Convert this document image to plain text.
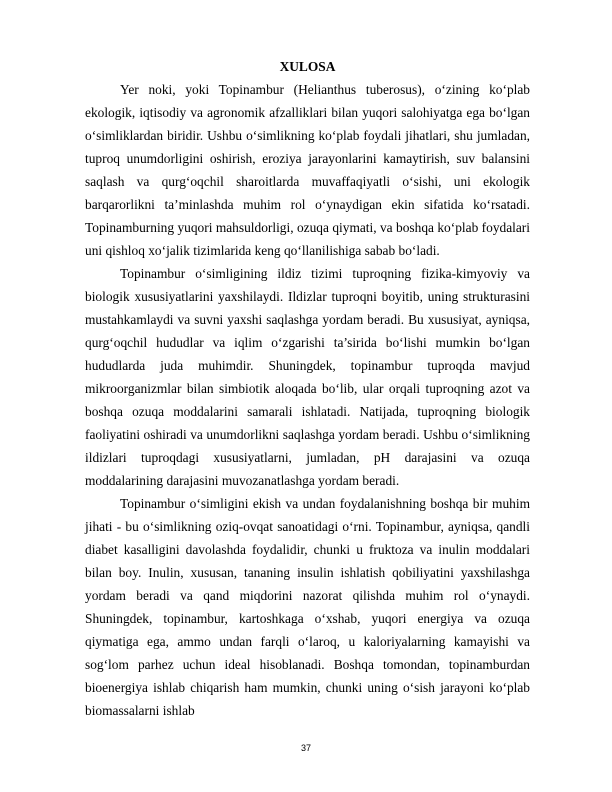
XULOSA

Yer noki, yoki Topinambur (Helianthus tuberosus), o‘zining ko‘plab ekologik, iqtisodiy va agronomik afzalliklari bilan yuqori salohiyatga ega bo‘lgan o‘simliklardan biridir. Ushbu o‘simlikning ko‘plab foydali jihatlari, shu jumladan, tuproq unumdorligini oshirish, eroziya jarayonlarini kamaytirish, suv balansini saqlash va qurg‘oqchil sharoitlarda muvaffaqiyatli o‘sishi, uni ekologik barqarorlikni ta’minlashda muhim rol o‘ynaydigan ekin sifatida ko‘rsatadi. Topinamburning yuqori mahsuldorligi, ozuqa qiymati, va boshqa ko‘plab foydalari uni qishloq xo‘jalik tizimlarida keng qo‘llanilishiga sabab bo‘ladi.

Topinambur o‘simligining ildiz tizimi tuproqning fizika-kimyoviy va biologik xususiyatlarini yaxshilaydi. Ildizlar tuproqni boyitib, uning strukturasini mustahkamlaydi va suvni yaxshi saqlashga yordam beradi. Bu xususiyat, ayniqsa, qurg‘oqchil hududlar va iqlim o‘zgarishi ta’sirida bo‘lishi mumkin bo‘lgan hududlarda juda muhimdir. Shuningdek, topinambur tuproqda mavjud mikroorganizmlar bilan simbiotik aloqada bo‘lib, ular orqali tuproqning azot va boshqa ozuqa moddalarini samarali ishlatadi. Natijada, tuproqning biologik faoliyatini oshiradi va unumdorlikni saqlashga yordam beradi. Ushbu o‘simlikning ildizlari tuproqdagi xususiyatlarni, jumladan, pH darajasini va ozuqa moddalarining darajasini muvozanatlashga yordam beradi.

Topinambur o‘simligini ekish va undan foydalanishning boshqa bir muhim jihati - bu o‘simlikning oziq-ovqat sanoatidagi o‘rni. Topinambur, ayniqsa, qandli diabet kasalligini davolashda foydalidir, chunki u fruktoza va inulin moddalari bilan boy. Inulin, xususan, tananing insulin ishlatish qobiliyatini yaxshilashga yordam beradi va qand miqdorini nazorat qilishda muhim rol o‘ynaydi. Shuningdek, topinambur, kartoshkaga o‘xshab, yuqori energiya va ozuqa qiymatiga ega, ammo undan farqli o‘laroq, u kaloriyalarning kamayishi va sog‘lom parhez uchun ideal hisoblanadi. Boshqa tomondan, topinamburdan bioenergiya ishlab chiqarish ham mumkin, chunki uning o‘sish jarayoni ko‘plab biomassalarni ishlab

37
